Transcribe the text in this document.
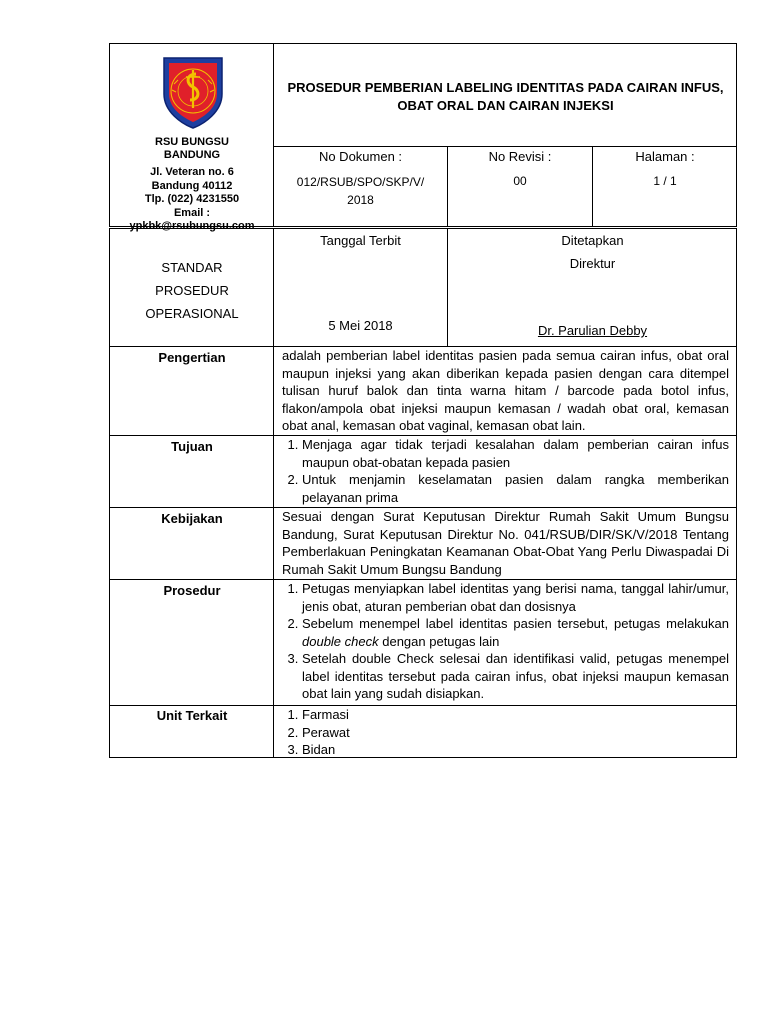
RSU BUNGSU
BANDUNG
Jl. Veteran no. 6
Bandung 40112
Tlp. (022) 4231550
Email : ypkbk@rsubungsu.com
PROSEDUR PEMBERIAN LABELING IDENTITAS PADA CAIRAN INFUS,
OBAT ORAL DAN CAIRAN INJEKSI
No Dokumen :
012/RSUB/SPO/SKP/V/
2018
No Revisi :
00
Halaman :
1 / 1
STANDAR
PROSEDUR
OPERASIONAL
Tanggal Terbit
5 Mei 2018
Ditetapkan
Direktur
Dr. Parulian Debby
Pengertian	adalah pemberian label identitas pasien pada semua cairan infus, obat oral maupun injeksi yang akan diberikan kepada pasien dengan cara ditempel tulisan huruf balok dan tinta warna hitam / barcode pada botol infus, flakon/ampola obat injeksi maupun kemasan / wadah obat oral, kemasan obat anal, kemasan obat vaginal, kemasan obat lain.
Tujuan	1. Menjaga agar tidak terjadi kesalahan dalam pemberian cairan infus maupun obat-obatan kepada pasien
2. Untuk menjamin keselamatan pasien dalam rangka memberikan pelayanan prima
Kebijakan	Sesuai dengan Surat Keputusan Direktur Rumah Sakit Umum Bungsu Bandung, Surat Keputusan Direktur No. 041/RSUB/DIR/SK/V/2018 Tentang Pemberlakuan Peningkatan Keamanan Obat-Obat Yang Perlu Diwaspadai Di Rumah Sakit Umum Bungsu Bandung
Prosedur	1. Petugas menyiapkan label identitas yang berisi nama, tanggal lahir/umur, jenis obat, aturan pemberian obat dan dosisnya
2. Sebelum menempel label identitas pasien tersebut, petugas melakukan double check dengan petugas lain
3. Setelah double Check selesai dan identifikasi valid, petugas menempel label identitas tersebut pada cairan infus, obat injeksi maupun kemasan obat lain yang sudah disiapkan.
Unit Terkait	1. Farmasi
2. Perawat
3. Bidan
